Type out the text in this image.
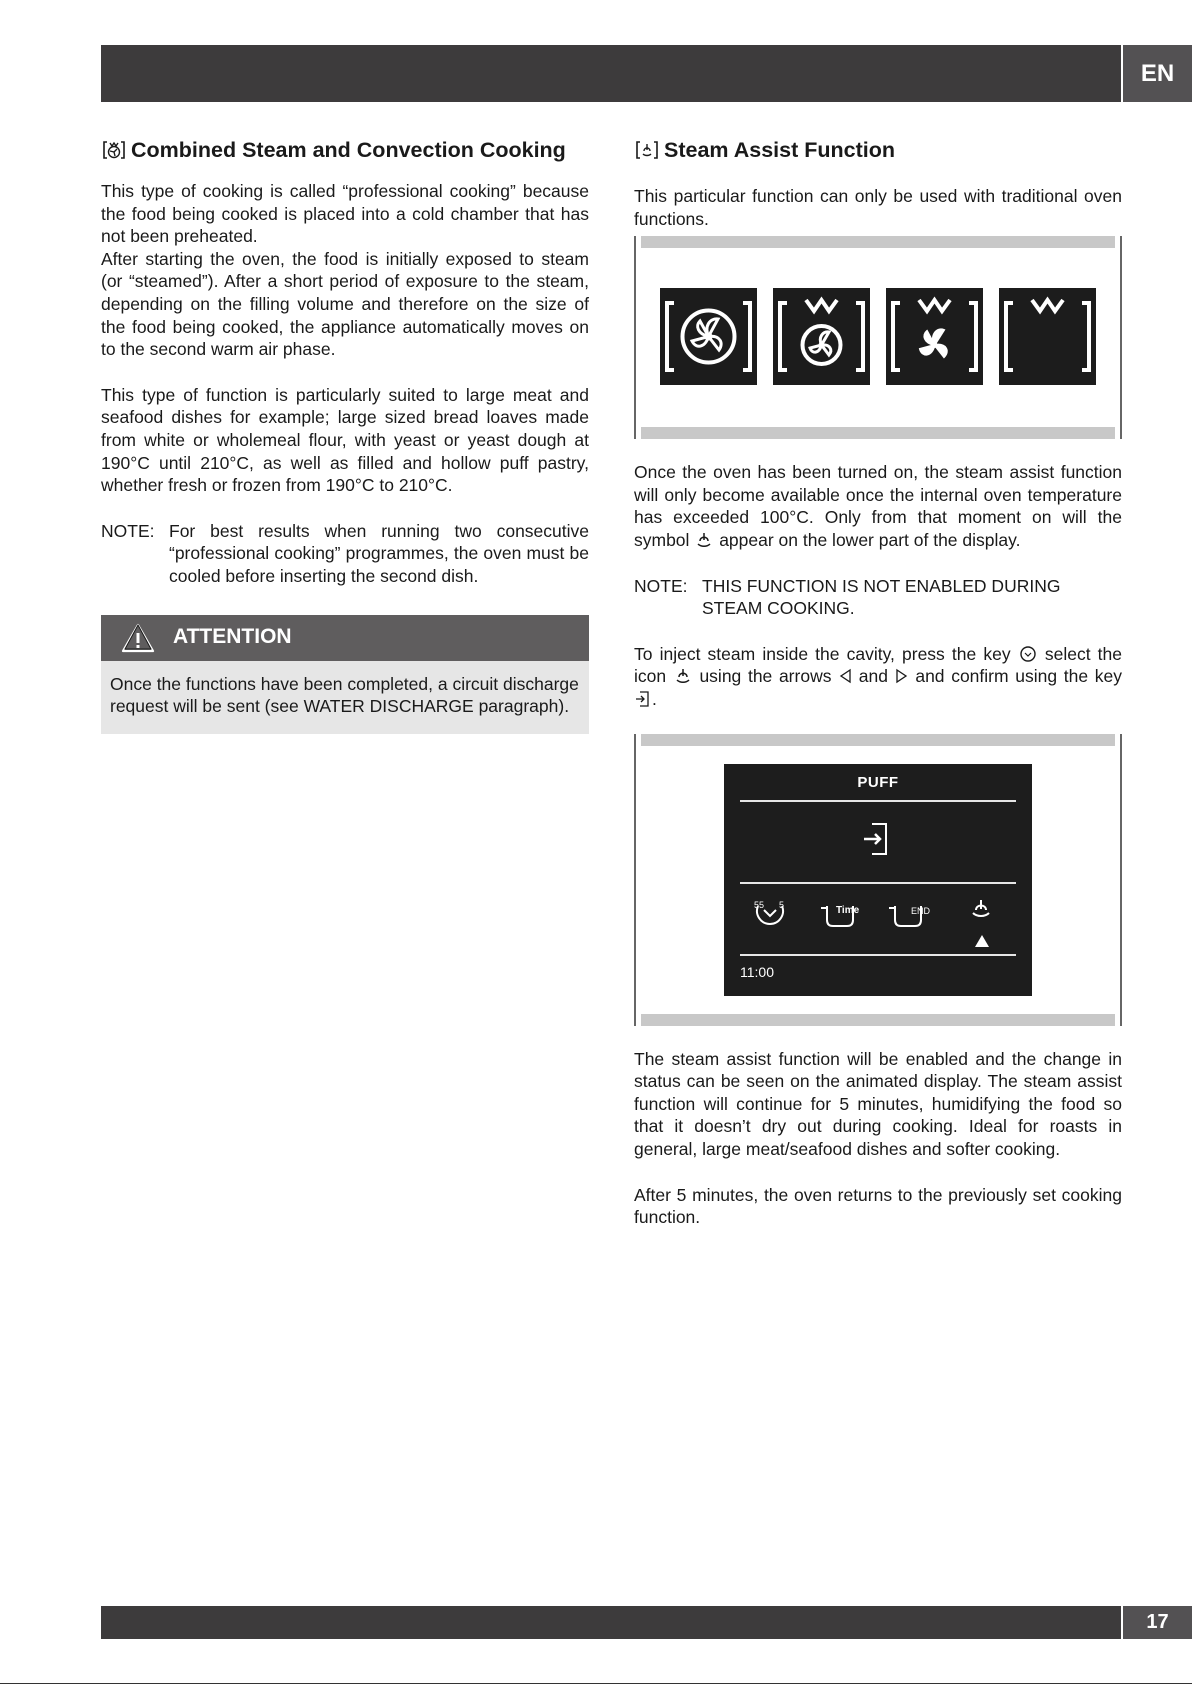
EN
Combined Steam and Convection Cooking

This type of cooking is called “professional cooking” because the food being cooked is placed into a cold chamber that has not been preheated.

After starting the oven, the food is initially exposed to steam (or “steamed”). After a short period of exposure to the steam, depending on the filling volume and therefore on the size of the food being cooked, the appliance automatically moves on to the second warm air phase.

This type of function is particularly suited to large meat and seafood dishes for example; large sized bread loaves made from white or wholemeal flour, with yeast or yeast dough at 190°C until 210°C, as well as filled and hollow puff pastry, whether fresh or frozen from 190°C to 210°C.

NOTE: For best results when running two consecutive “professional cooking” programmes, the oven must be cooled before inserting the second dish.
ATTENTION
Once the functions have been completed, a circuit discharge request will be sent (see WATER DISCHARGE paragraph).
Steam Assist Function

This particular function can only be used with traditional oven functions.

Once the oven has been turned on, the steam assist function will only become available once the internal oven temperature has exceeded 100°C. Only from that moment on will the symbol appear on the lower part of the display.

NOTE: THIS FUNCTION IS NOT ENABLED DURING STEAM COOKING.

To inject steam inside the cavity, press the key select the icon using the arrows and and confirm using the key .

PUFF
55 5	Time	END
11:00

The steam assist function will be enabled and the change in status can be seen on the animated display. The steam assist function will continue for 5 minutes, humidifying the food so that it doesn’t dry out during cooking. Ideal for roasts in general, large meat/seafood dishes and softer cooking.

After 5 minutes, the oven returns to the previously set cooking function.

17
